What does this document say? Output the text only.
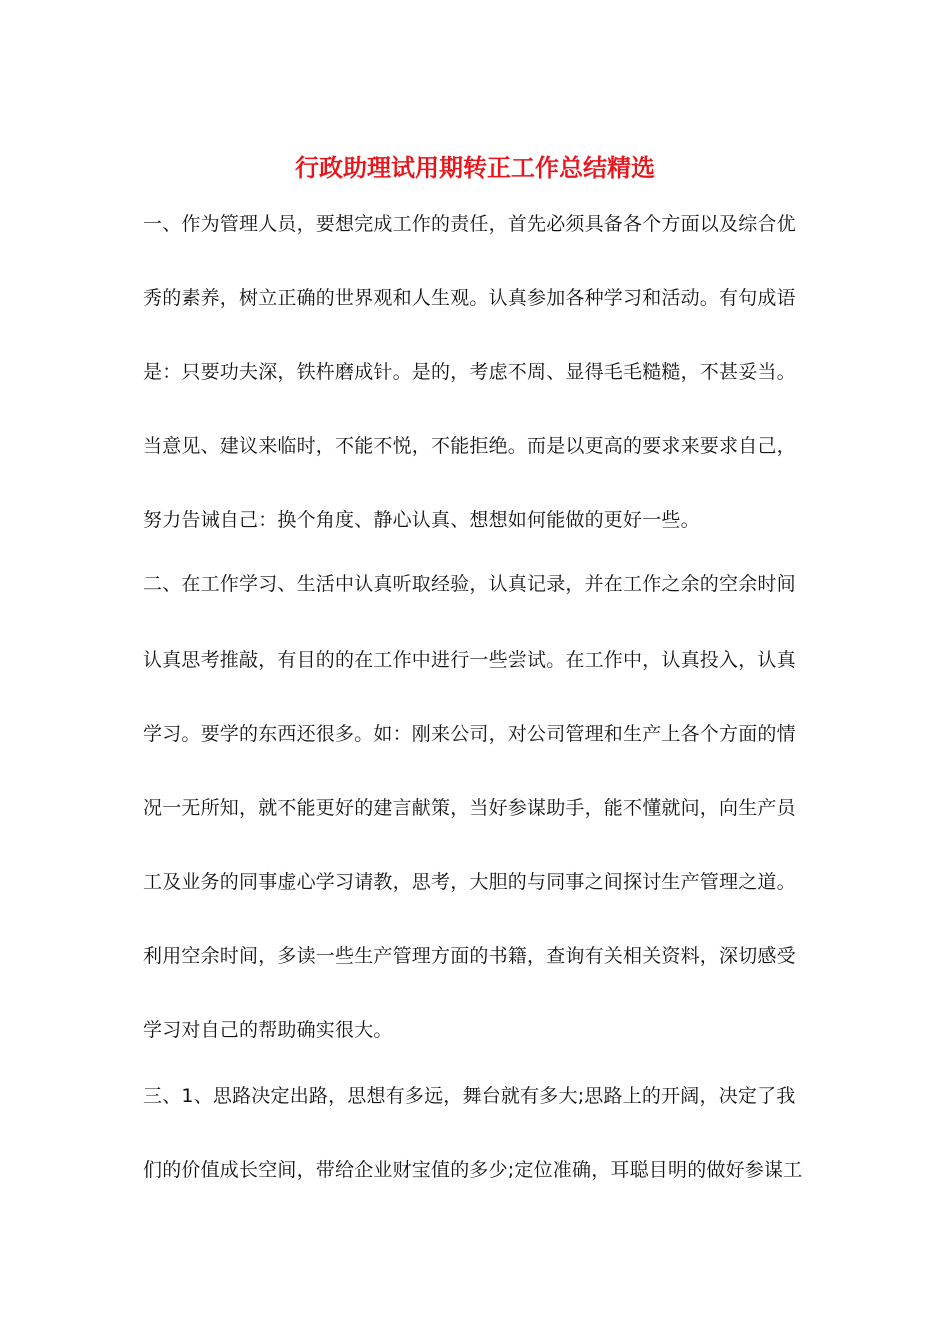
行政助理试用期转正工作总结精选

一、作为管理人员，要想完成工作的责任，首先必须具备各个方面以及综合优

秀的素养，树立正确的世界观和人生观。认真参加各种学习和活动。有句成语

是：只要功夫深，铁杵磨成针。是的，考虑不周、显得毛毛糙糙，不甚妥当。

当意见、建议来临时，不能不悦，不能拒绝。而是以更高的要求来要求自己，

努力告诫自己：换个角度、静心认真、想想如何能做的更好一些。

二、在工作学习、生活中认真听取经验，认真记录，并在工作之余的空余时间

认真思考推敲，有目的的在工作中进行一些尝试。在工作中，认真投入，认真

学习。要学的东西还很多。如：刚来公司，对公司管理和生产上各个方面的情

况一无所知，就不能更好的建言献策，当好参谋助手，能不懂就问，向生产员

工及业务的同事虚心学习请教，思考，大胆的与同事之间探讨生产管理之道。

利用空余时间，多读一些生产管理方面的书籍，查询有关相关资料，深切感受

学习对自己的帮助确实很大。

三、1、思路决定出路，思想有多远，舞台就有多大;思路上的开阔，决定了我

们的价值成长空间，带给企业财宝值的多少;定位准确，耳聪目明的做好参谋工
